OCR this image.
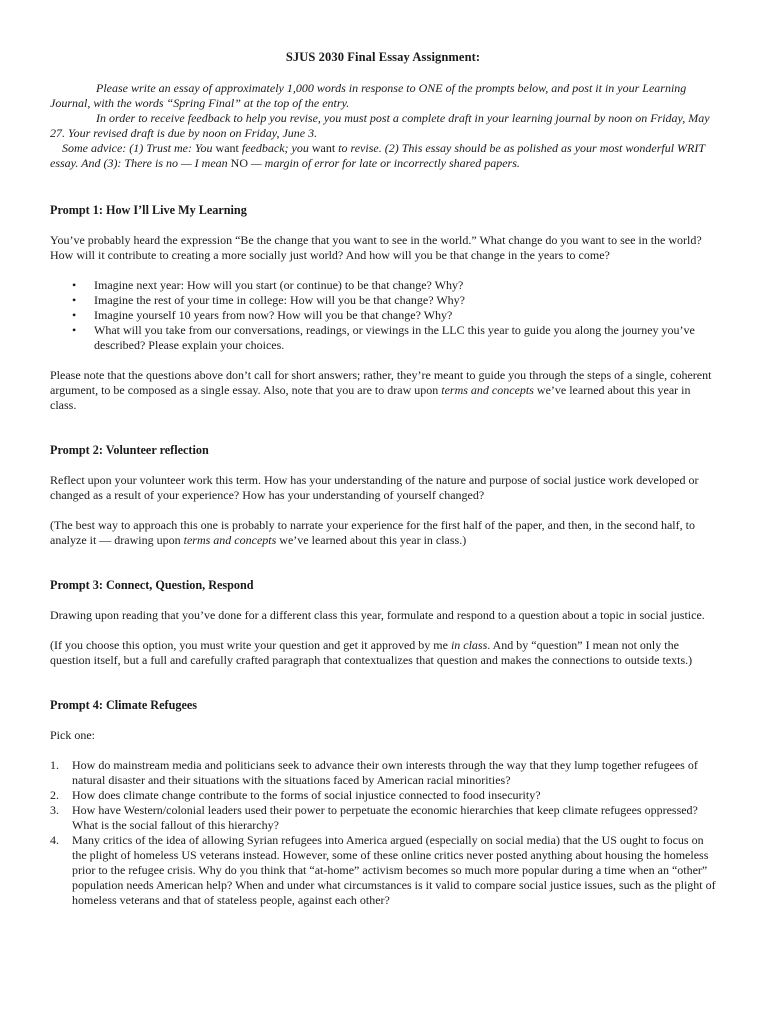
SJUS 2030 Final Essay Assignment:

Please write an essay of approximately 1,000 words in response to ONE of the prompts below, and post it in your Learning Journal, with the words “Spring Final” at the top of the entry.

In order to receive feedback to help you revise, you must post a complete draft in your learning journal by noon on Friday, May 27. Your revised draft is due by noon on Friday, June 3.

Some advice: (1) Trust me: You want feedback; you want to revise. (2) This essay should be as polished as your most wonderful WRIT essay. And (3): There is no — I mean NO — margin of error for late or incorrectly shared papers.

Prompt 1: How I’ll Live My Learning

You’ve probably heard the expression “Be the change that you want to see in the world.” What change do you want to see in the world? How will it contribute to creating a more socially just world? And how will you be that change in the years to come?

• Imagine next year: How will you start (or continue) to be that change? Why?
• Imagine the rest of your time in college: How will you be that change? Why?
• Imagine yourself 10 years from now? How will you be that change? Why?
• What will you take from our conversations, readings, or viewings in the LLC this year to guide you along the journey you’ve described? Please explain your choices.

Please note that the questions above don’t call for short answers; rather, they’re meant to guide you through the steps of a single, coherent argument, to be composed as a single essay. Also, note that you are to draw upon terms and concepts we’ve learned about this year in class.

Prompt 2: Volunteer reflection

Reflect upon your volunteer work this term. How has your understanding of the nature and purpose of social justice work developed or changed as a result of your experience? How has your understanding of yourself changed?

(The best way to approach this one is probably to narrate your experience for the first half of the paper, and then, in the second half, to analyze it — drawing upon terms and concepts we’ve learned about this year in class.)

Prompt 3: Connect, Question, Respond

Drawing upon reading that you’ve done for a different class this year, formulate and respond to a question about a topic in social justice.

(If you choose this option, you must write your question and get it approved by me in class. And by “question” I mean not only the question itself, but a full and carefully crafted paragraph that contextualizes that question and makes the connections to outside texts.)

Prompt 4: Climate Refugees

Pick one:

1. How do mainstream media and politicians seek to advance their own interests through the way that they lump together refugees of natural disaster and their situations with the situations faced by American racial minorities?
2. How does climate change contribute to the forms of social injustice connected to food insecurity?
3. How have Western/colonial leaders used their power to perpetuate the economic hierarchies that keep climate refugees oppressed? What is the social fallout of this hierarchy?
4. Many critics of the idea of allowing Syrian refugees into America argued (especially on social media) that the US ought to focus on the plight of homeless US veterans instead. However, some of these online critics never posted anything about housing the homeless prior to the refugee crisis. Why do you think that “at-home” activism becomes so much more popular during a time when an “other” population needs American help? When and under what circumstances is it valid to compare social justice issues, such as the plight of homeless veterans and that of stateless people, against each other?
